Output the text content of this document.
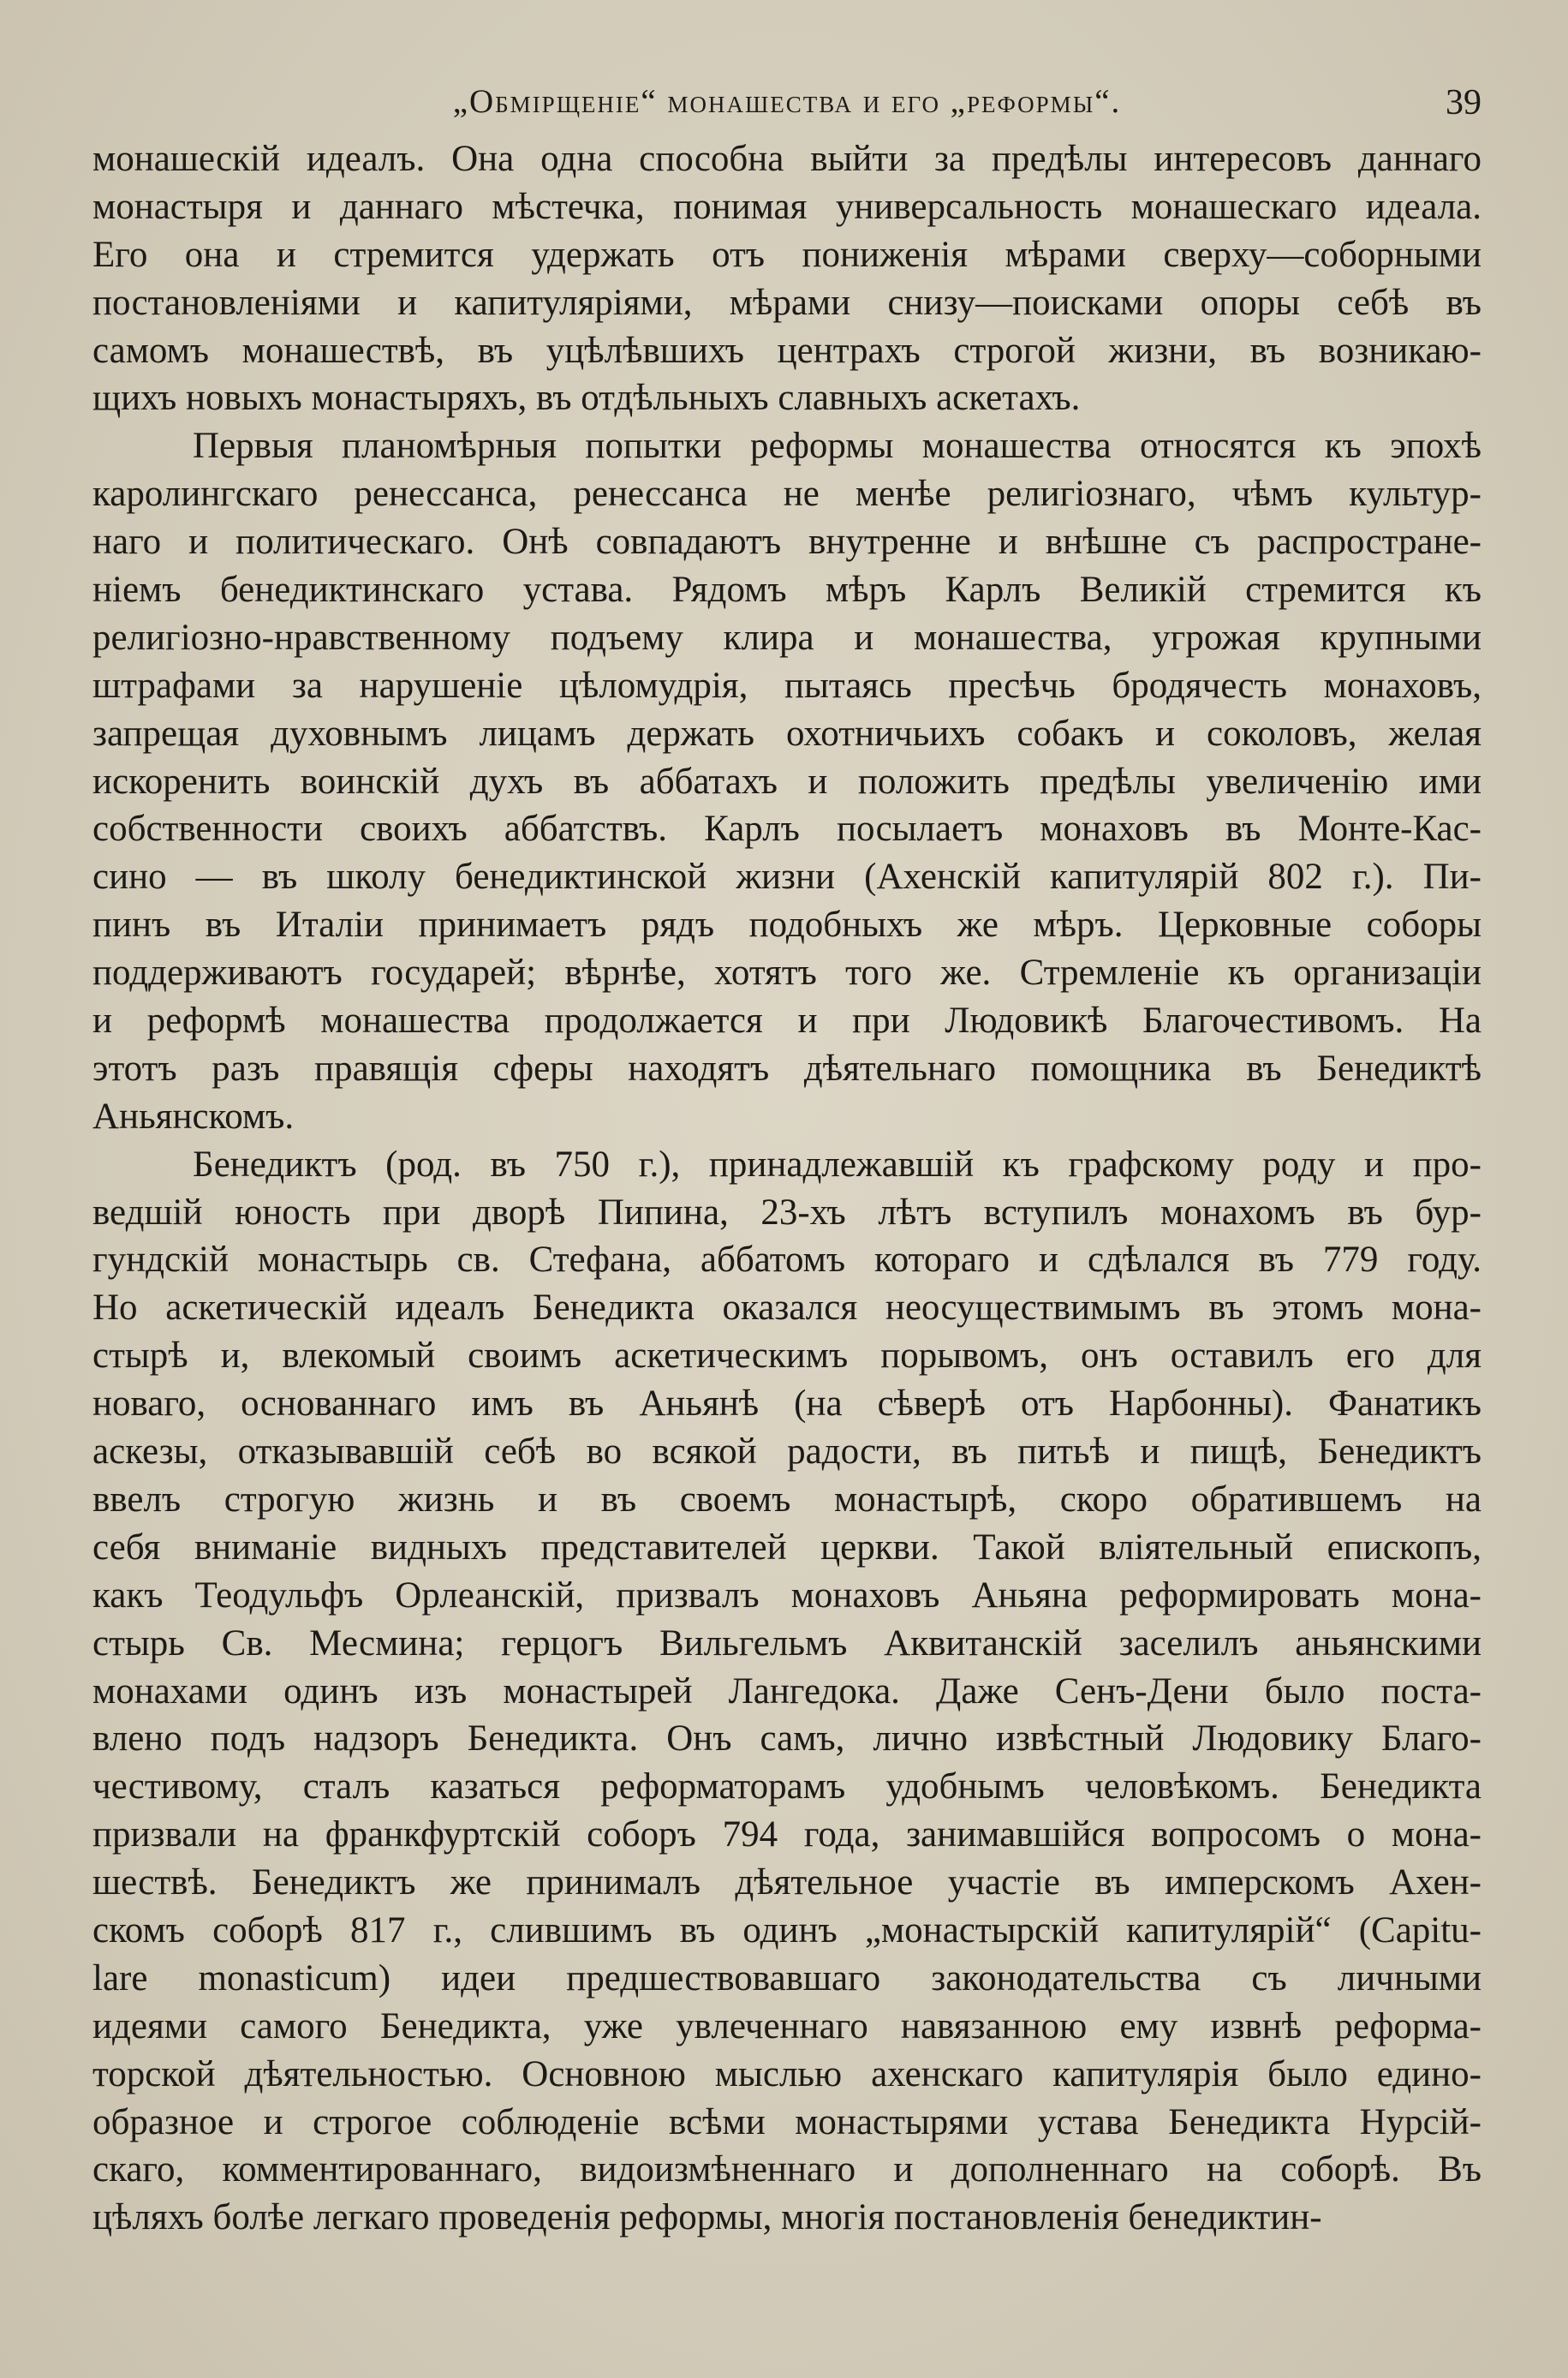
„Обмірщеніе“ монашества и его „реформы“.	39
монашескій идеалъ. Она одна способна выйти за предѣлы интересовъ даннаго
монастыря и даннаго мѣстечка, понимая универсальность монашескаго идеала.
Его она и стремится удержать отъ пониженія мѣрами сверху—соборными
постановленіями и капитуляріями, мѣрами снизу—поисками опоры себѣ въ
самомъ монашествѣ, въ уцѣлѣвшихъ центрахъ строгой жизни, въ возникаю-
щихъ новыхъ монастыряхъ, въ отдѣльныхъ славныхъ аскетахъ.
Первыя планомѣрныя попытки реформы монашества относятся къ эпохѣ
каролингскаго ренессанса, ренессанса не менѣе религіознаго, чѣмъ культур-
наго и политическаго. Онѣ совпадаютъ внутренне и внѣшне съ распростране-
ніемъ бенедиктинскаго устава. Рядомъ мѣръ Карлъ Великій стремится къ
религіозно-нравственному подъему клира и монашества, угрожая крупными
штрафами за нарушеніе цѣломудрія, пытаясь пресѣчь бродячесть монаховъ,
запрещая духовнымъ лицамъ держать охотничьихъ собакъ и соколовъ, желая
искоренить воинскій духъ въ аббатахъ и положить предѣлы увеличенію ими
собственности своихъ аббатствъ. Карлъ посылаетъ монаховъ въ Монте-Кас-
сино — въ школу бенедиктинской жизни (Ахенскій капитулярій 802 г.). Пи-
пинъ въ Италіи принимаетъ рядъ подобныхъ же мѣръ. Церковные соборы
поддерживаютъ государей; вѣрнѣе, хотятъ того же. Стремленіе къ организаціи
и реформѣ монашества продолжается и при Людовикѣ Благочестивомъ. На
этотъ разъ правящія сферы находятъ дѣятельнаго помощника въ Бенедиктѣ
Аньянскомъ.
Бенедиктъ (род. въ 750 г.), принадлежавшій къ графскому роду и про-
ведшій юность при дворѣ Пипина, 23-хъ лѣтъ вступилъ монахомъ въ бур-
гундскій монастырь св. Стефана, аббатомъ котораго и сдѣлался въ 779 году.
Но аскетическій идеалъ Бенедикта оказался неосуществимымъ въ этомъ мона-
стырѣ и, влекомый своимъ аскетическимъ порывомъ, онъ оставилъ его для
новаго, основаннаго имъ въ Аньянѣ (на сѣверѣ отъ Нарбонны). Фанатикъ
аскезы, отказывавшій себѣ во всякой радости, въ питьѣ и пищѣ, Бенедиктъ
ввелъ строгую жизнь и въ своемъ монастырѣ, скоро обратившемъ на
себя вниманіе видныхъ представителей церкви. Такой вліятельный епископъ,
какъ Теодульфъ Орлеанскій, призвалъ монаховъ Аньяна реформировать мона-
стырь Св. Месмина; герцогъ Вильгельмъ Аквитанскій заселилъ аньянскими
монахами одинъ изъ монастырей Лангедока. Даже Сенъ-Дени было поста-
влено подъ надзоръ Бенедикта. Онъ самъ, лично извѣстный Людовику Благо-
честивому, сталъ казаться реформаторамъ удобнымъ человѣкомъ. Бенедикта
призвали на франкфуртскій соборъ 794 года, занимавшійся вопросомъ о мона-
шествѣ. Бенедиктъ же принималъ дѣятельное участіе въ имперскомъ Ахен-
скомъ соборѣ 817 г., слившимъ въ одинъ „монастырскій капитулярій“ (Capitu-
lare monasticum) идеи предшествовавшаго законодательства съ личными
идеями самого Бенедикта, уже увлеченнаго навязанною ему извнѣ реформа-
торской дѣятельностью. Основною мыслью ахенскаго капитулярія было едино-
образное и строгое соблюденіе всѣми монастырями устава Бенедикта Нурсій-
скаго, комментированнаго, видоизмѣненнаго и дополненнаго на соборѣ. Въ
цѣляхъ болѣе легкаго проведенія реформы, многія постановленія бенедиктин-
